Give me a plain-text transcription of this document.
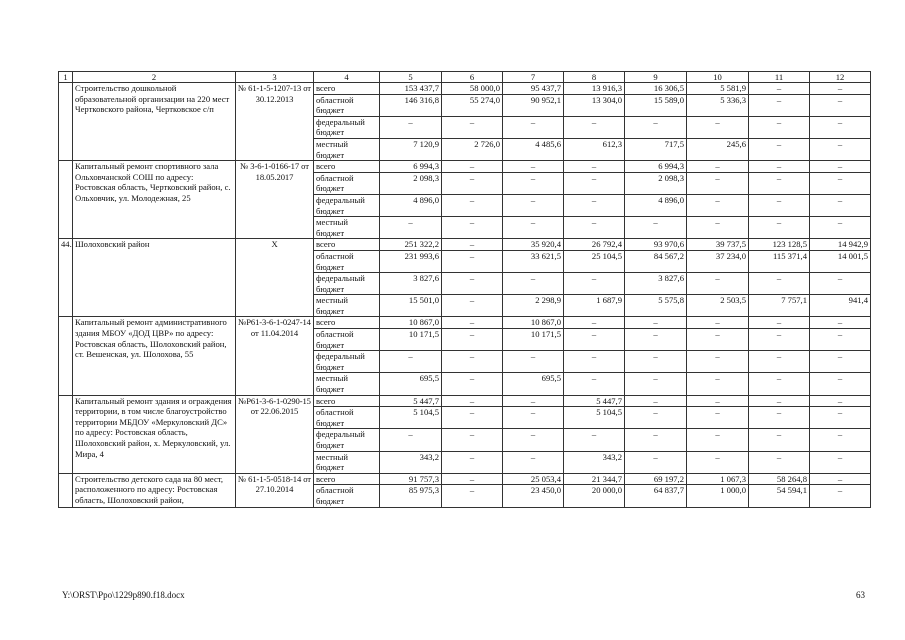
1	2	3	4	5	6	7	8	9	10	11	12
	Строительство дошкольной образовательной организации на 220 мест Чертковского района, Чертковское с/п	№ 61-1-5-1207-13 от 30.12.2013	всего	153 437,7	58 000,0	95 437,7	13 916,3	16 306,5	5 581,9	–	–
			областной бюджет	146 316,8	55 274,0	90 952,1	13 304,0	15 589,0	5 336,3	–	–
			федеральный бюджет	–	–	–	–	–	–	–	–
			местный бюджет	7 120,9	2 726,0	4 485,6	612,3	717,5	245,6	–	–
	Капитальный ремонт спортивного зала Ольховчанской СОШ по адресу: Ростовская область, Чертковский район, с. Ольховчик, ул. Молодежная, 25	№ 3-6-1-0166-17 от 18.05.2017	всего	6 994,3	–	–	–	6 994,3	–	–	–
			областной бюджет	2 098,3	–	–	–	2 098,3	–	–	–
			федеральный бюджет	4 896,0	–	–	–	4 896,0	–	–	–
			местный бюджет	–	–	–	–	–	–	–	–
44.	Шолоховский район	X	всего	251 322,2	–	35 920,4	26 792,4	93 970,6	39 737,5	123 128,5	14 942,9
			областной бюджет	231 993,6	–	33 621,5	25 104,5	84 567,2	37 234,0	115 371,4	14 001,5
			федеральный бюджет	3 827,6	–	–	–	3 827,6	–	–	–
			местный бюджет	15 501,0	–	2 298,9	1 687,9	5 575,8	2 503,5	7 757,1	941,4
	Капитальный ремонт административного здания МБОУ «ДОД ЦВР» по адресу: Ростовская область, Шолоховский район, ст. Вешенская, ул. Шолохова, 55	№Р61-3-6-1-0247-14 от 11.04.2014	всего	10 867,0	–	10 867,0	–	–	–	–	–
			областной бюджет	10 171,5	–	10 171,5	–	–	–	–	–
			федеральный бюджет	–	–	–	–	–	–	–	–
			местный бюджет	695,5	–	695,5	–	–	–	–	–
	Капитальный ремонт здания и ограждения территории, в том числе благоустройство территории МБДОУ «Меркуловский ДС» по адресу: Ростовская область, Шолоховский район, х. Меркуловский, ул. Мира, 4	№Р61-3-6-1-0290-15 от 22.06.2015	всего	5 447,7	–	–	5 447,7	–	–	–	–
			областной бюджет	5 104,5	–	–	5 104,5	–	–	–	–
			федеральный бюджет	–	–	–	–	–	–	–	–
			местный бюджет	343,2	–	–	343,2	–	–	–	–
	Строительство детского сада на 80 мест, расположенного по адресу: Ростовская область, Шолоховский район,	№ 61-1-5-0518-14 от 27.10.2014	всего	91 757,3	–	25 053,4	21 344,7	69 197,2	1 067,3	58 264,8	–
			областной бюджет	85 975,3	–	23 450,0	20 000,0	64 837,7	1 000,0	54 594,1	–
Y:\ORST\Ppo\1229p890.f18.docx	63
